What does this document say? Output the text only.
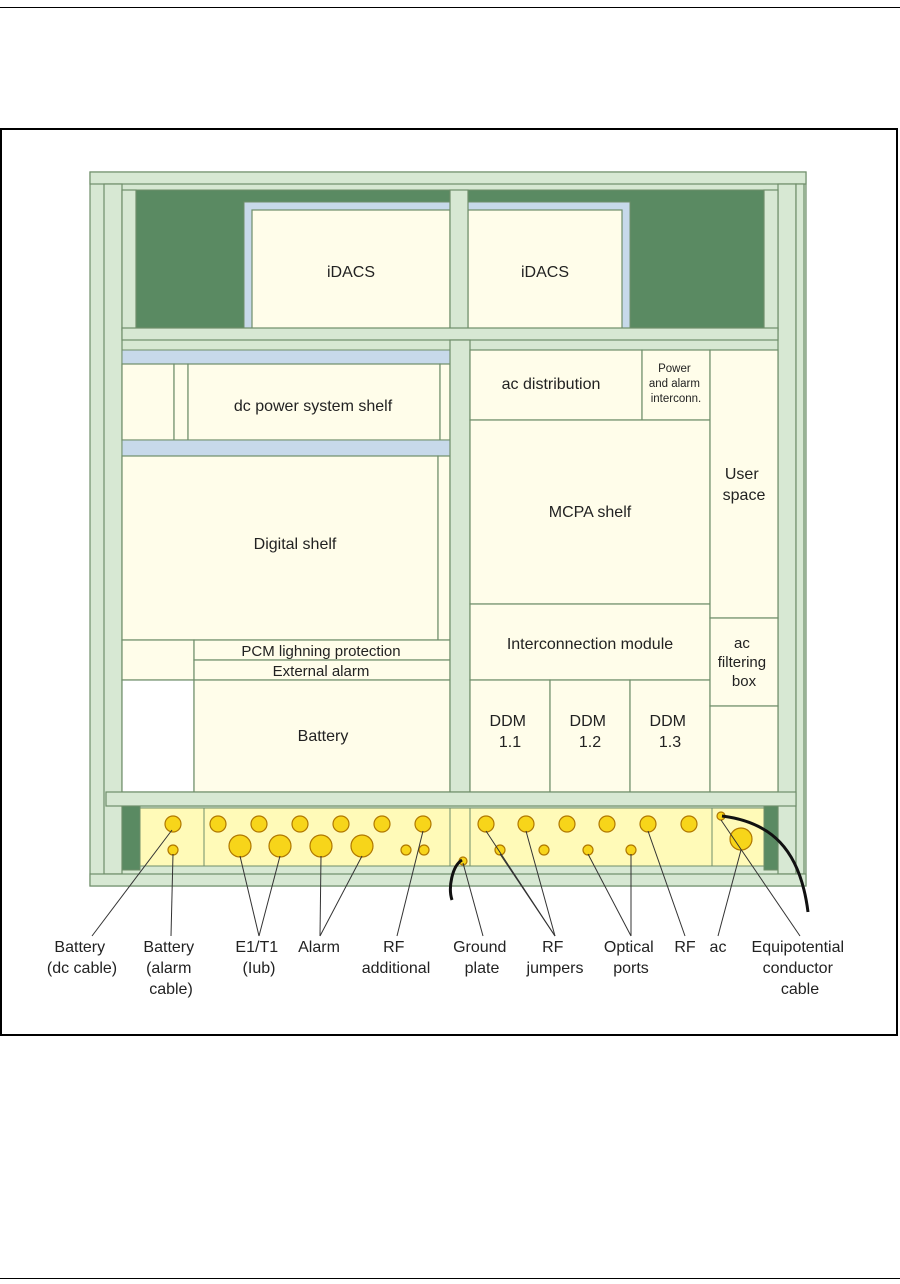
iDACS	iDACS
ac distribution
Power and alarm interconn.
dc power system shelf
User space
MCPA shelf
Digital shelf
PCM lighning protection
External alarm
Interconnection module	ac filtering box
Battery
DDM 1.1
DDM 1.2
DDM 1.3
Battery (dc cable)
Battery (alarm cable)
E1/T1 (Iub)
Alarm	RF additional
Ground plate
RF jumpers
Optical ports
RF ac Equipotential conductor cable
